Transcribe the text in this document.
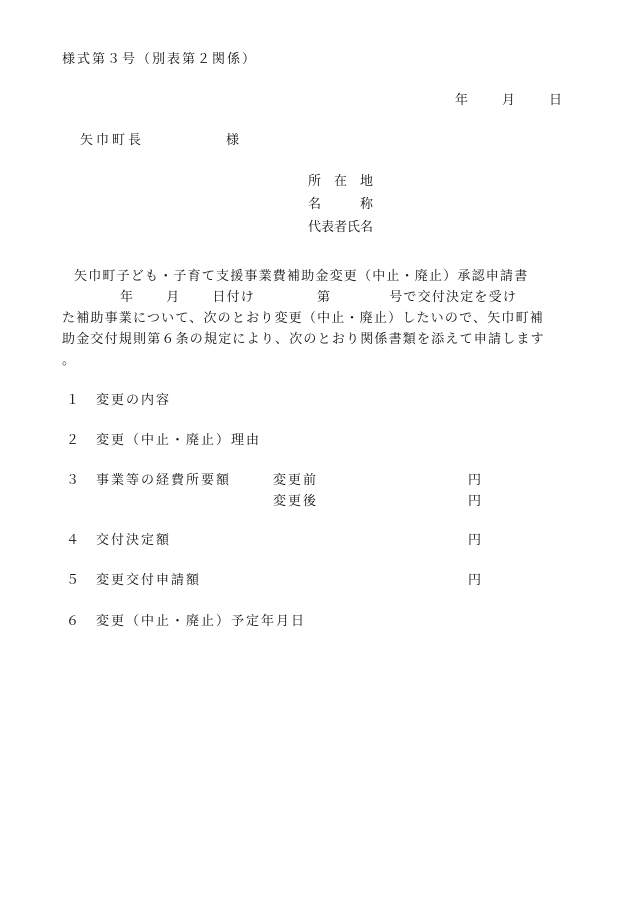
様式第３号（別表第２関係）
年	月	日
矢巾町長	様
所　在　地
名　　　称
代表者氏名
矢巾町子ども・子育て支援事業費補助金変更（中止・廃止）承認申請書
年 月 日付け	第	号で交付決定を受け
た補助事業について、次のとおり変更（中止・廃止）したいので、矢巾町補
助金交付規則第６条の規定により、次のとおり関係書類を添えて申請します
。
１ 変更の内容
２ 変更（中止・廃止）理由
３ 事業等の経費所要額	変更前	円
変更後	円
４ 交付決定額	円
５ 変更交付申請額	円
６ 変更（中止・廃止）予定年月日
